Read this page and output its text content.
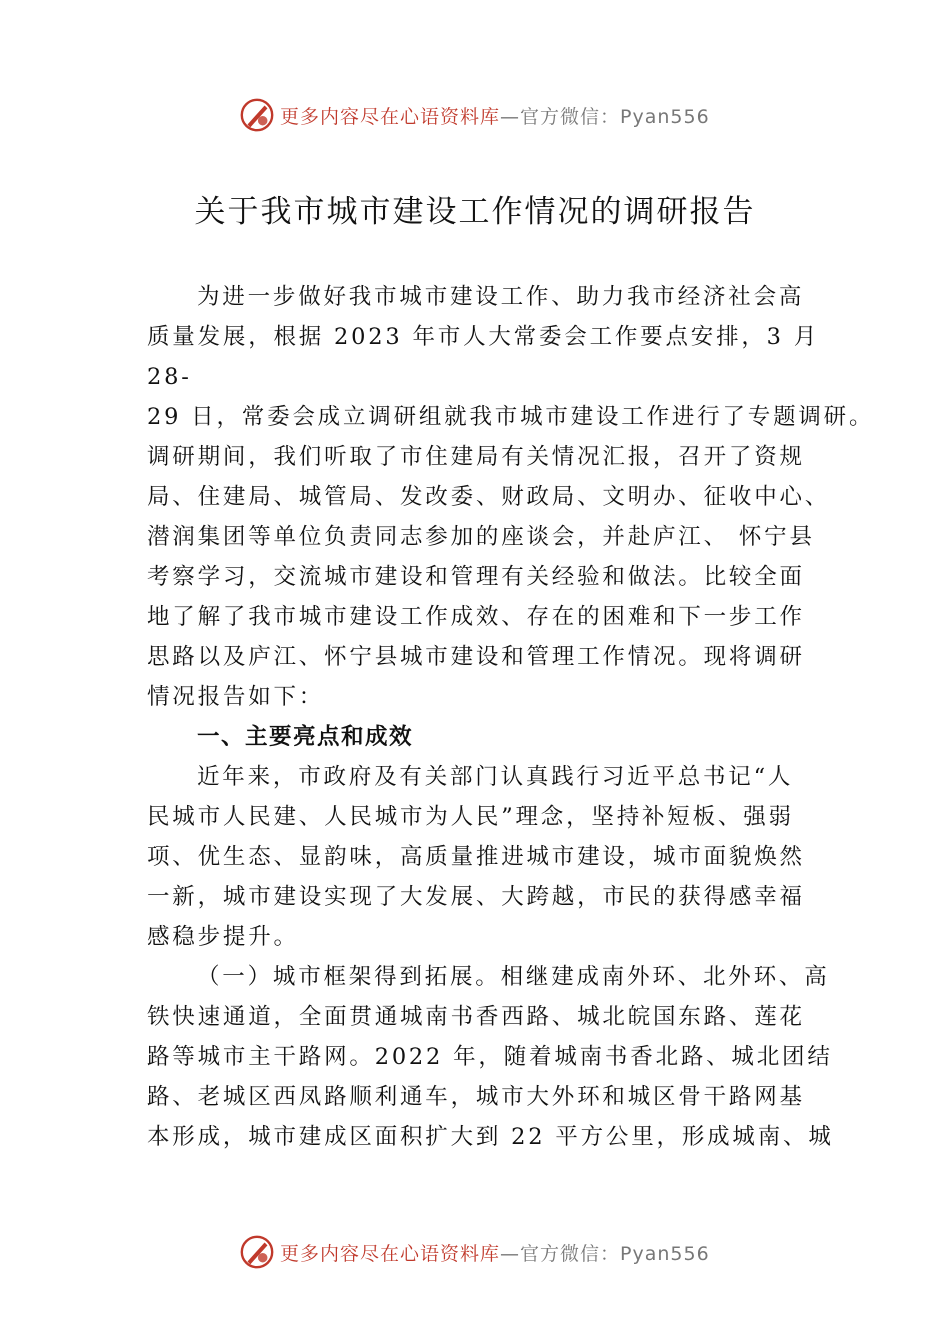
更多内容尽在心语资料库—官方微信：Pyan556
关于我市城市建设工作情况的调研报告
为进一步做好我市城市建设工作、助力我市经济社会高
质量发展，根据 2023 年市人大常委会工作要点安排，3 月
28-
29 日，常委会成立调研组就我市城市建设工作进行了专题调研。
调研期间，我们听取了市住建局有关情况汇报，召开了资规
局、住建局、城管局、发改委、财政局、文明办、征收中心、
潜润集团等单位负责同志参加的座谈会，并赴庐江、 怀宁县
考察学习，交流城市建设和管理有关经验和做法。比较全面
地了解了我市城市建设工作成效、存在的困难和下一步工作
思路以及庐江、怀宁县城市建设和管理工作情况。现将调研
情况报告如下：
一、主要亮点和成效
近年来，市政府及有关部门认真践行习近平总书记“人
民城市人民建、人民城市为人民”理念，坚持补短板、强弱
项、优生态、显韵味，高质量推进城市建设，城市面貌焕然
一新，城市建设实现了大发展、大跨越，市民的获得感幸福
感稳步提升。
（一）城市框架得到拓展。相继建成南外环、北外环、高
铁快速通道，全面贯通城南书香西路、城北皖国东路、莲花
路等城市主干路网。2022 年，随着城南书香北路、城北团结
路、老城区西凤路顺利通车，城市大外环和城区骨干路网基
本形成，城市建成区面积扩大到 22 平方公里，形成城南、城
更多内容尽在心语资料库—官方微信：Pyan556
